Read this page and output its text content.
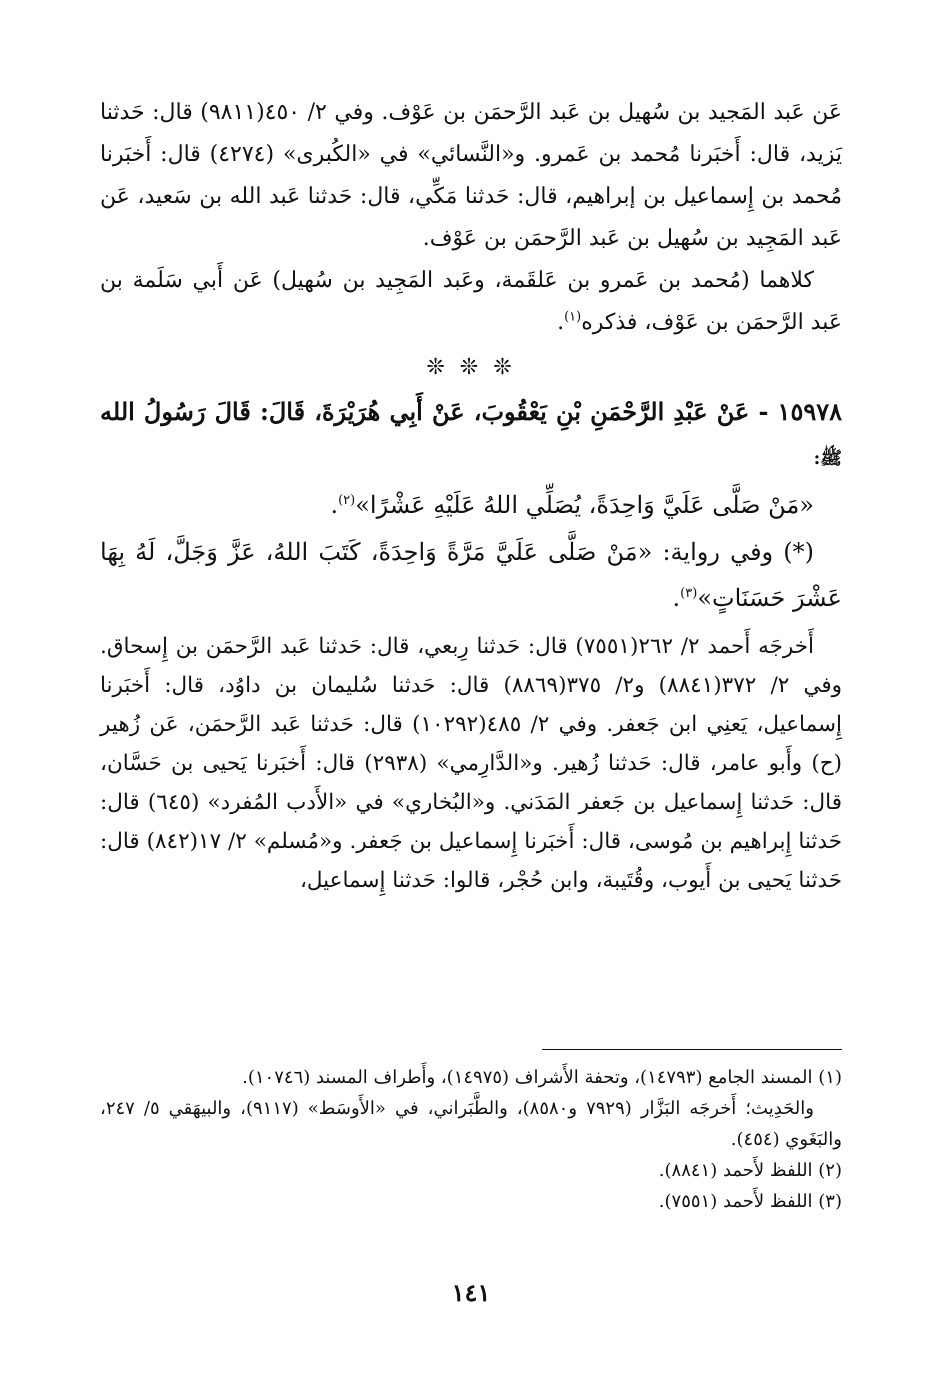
عَن عَبد المَجيد بن سُهيل بن عَبد الرَّحمَن بن عَوْف. وفي ٢/ ٤٥٠(٩٨١١) قال: حَدثنا يَزيد، قال: أَخبَرنا مُحمد بن عَمرو. و«النَّسائي» في «الكُبرى» (٤٢٧٤) قال: أَخبَرنا مُحمد بن إِسماعيل بن إبراهيم، قال: حَدثنا مَكِّي، قال: حَدثنا عَبد الله بن سَعيد، عَن عَبد المَجِيد بن سُهيل بن عَبد الرَّحمَن بن عَوْف.

كلاهما (مُحمد بن عَمرو بن عَلقَمة، وعَبد المَجِيد بن سُهيل) عَن أَبي سَلَمة بن عَبد الرَّحمَن بن عَوْف، فذكره$^{(١)}$.

❊ ❊ ❊

١٥٩٧٨ - عَنْ عَبْدِ الرَّحْمَنِ بْنِ يَعْقُوبَ، عَنْ أَبِي هُرَيْرَةَ، قَالَ: قَالَ رَسُولُ الله ﷺ:

«مَنْ صَلَّى عَلَيَّ وَاحِدَةً، يُصَلِّي اللهُ عَلَيْهِ عَشْرًا»$^{(٢)}$.

(*) وفي رواية: «مَنْ صَلَّى عَلَيَّ مَرَّةً وَاحِدَةً، كَتَبَ اللهُ، عَزَّ وَجَلَّ، لَهُ بِهَا عَشْرَ حَسَنَاتٍ»$^{(٣)}$.

أَخرجَه أَحمد ٢/ ٢٦٢(٧٥٥١) قال: حَدثنا رِبعي، قال: حَدثنا عَبد الرَّحمَن بن إِسحاق. وفي ٢/ ٣٧٢(٨٨٤١) و٢/ ٣٧٥(٨٨٦٩) قال: حَدثنا سُليمان بن داوُد، قال: أَخبَرنا إِسماعيل، يَعنِي ابن جَعفر. وفي ٢/ ٤٨٥(١٠٢٩٢) قال: حَدثنا عَبد الرَّحمَن، عَن زُهير (ح) وأَبو عامر، قال: حَدثنا زُهير. و«الدَّارِمي» (٢٩٣٨) قال: أَخبَرنا يَحيى بن حَسَّان، قال: حَدثنا إِسماعيل بن جَعفر المَدَني. و«البُخاري» في «الأَدب المُفرد» (٦٤٥) قال: حَدثنا إِبراهيم بن مُوسى، قال: أَخبَرنا إِسماعيل بن جَعفر. و«مُسلم» ٢/ ١٧(٨٤٢) قال: حَدثنا يَحيى بن أَيوب، وقُتَيبة، وابن حُجْر، قالوا: حَدثنا إِسماعيل،

(١) المسند الجامع (١٤٧٩٣)، وتحفة الأَشراف (١٤٩٧٥)، وأَطراف المسند (١٠٧٤٦).

والحَدِيث؛ أَخرجَه البَزَّار (٧٩٢٩ و٨٥٨٠)، والطَّبَراني، في «الأَوسَط» (٩١١٧)، والبيهَقي ٥/ ٢٤٧، والبَغَوي (٤٥٤).

(٢) اللفظ لأَحمد (٨٨٤١).

(٣) اللفظ لأَحمد (٧٥٥١).

١٤١
